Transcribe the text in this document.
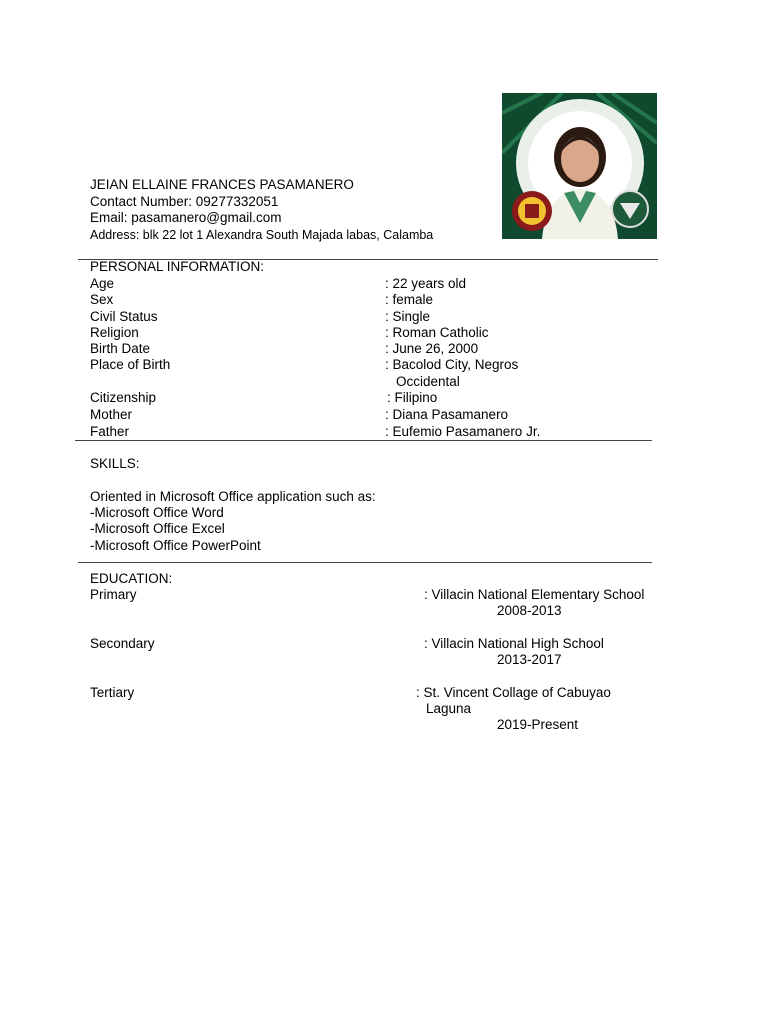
JEIAN ELLAINE FRANCES PASAMANERO
Contact Number: 09277332051
Email: pasamanero@gmail.com
Address: blk 22 lot 1 Alexandra South Majada labas, Calamba
PERSONAL INFORMATION:
Age	: 22 years old
Sex	: female
Civil Status	: Single
Religion	: Roman Catholic
Birth Date	: June 26, 2000
Place of Birth	: Bacolod City, Negros
Occidental
Citizenship	: Filipino
Mother	: Diana Pasamanero
Father	: Eufemio Pasamanero Jr.
SKILLS:
Oriented in Microsoft Office application such as:
-Microsoft Office Word
-Microsoft Office Excel
-Microsoft Office PowerPoint
EDUCATION:
Primary	: Villacin National Elementary School
2008-2013
Secondary	: Villacin National High School
2013-2017
Tertiary	: St. Vincent Collage of Cabuyao
Laguna
2019-Present
